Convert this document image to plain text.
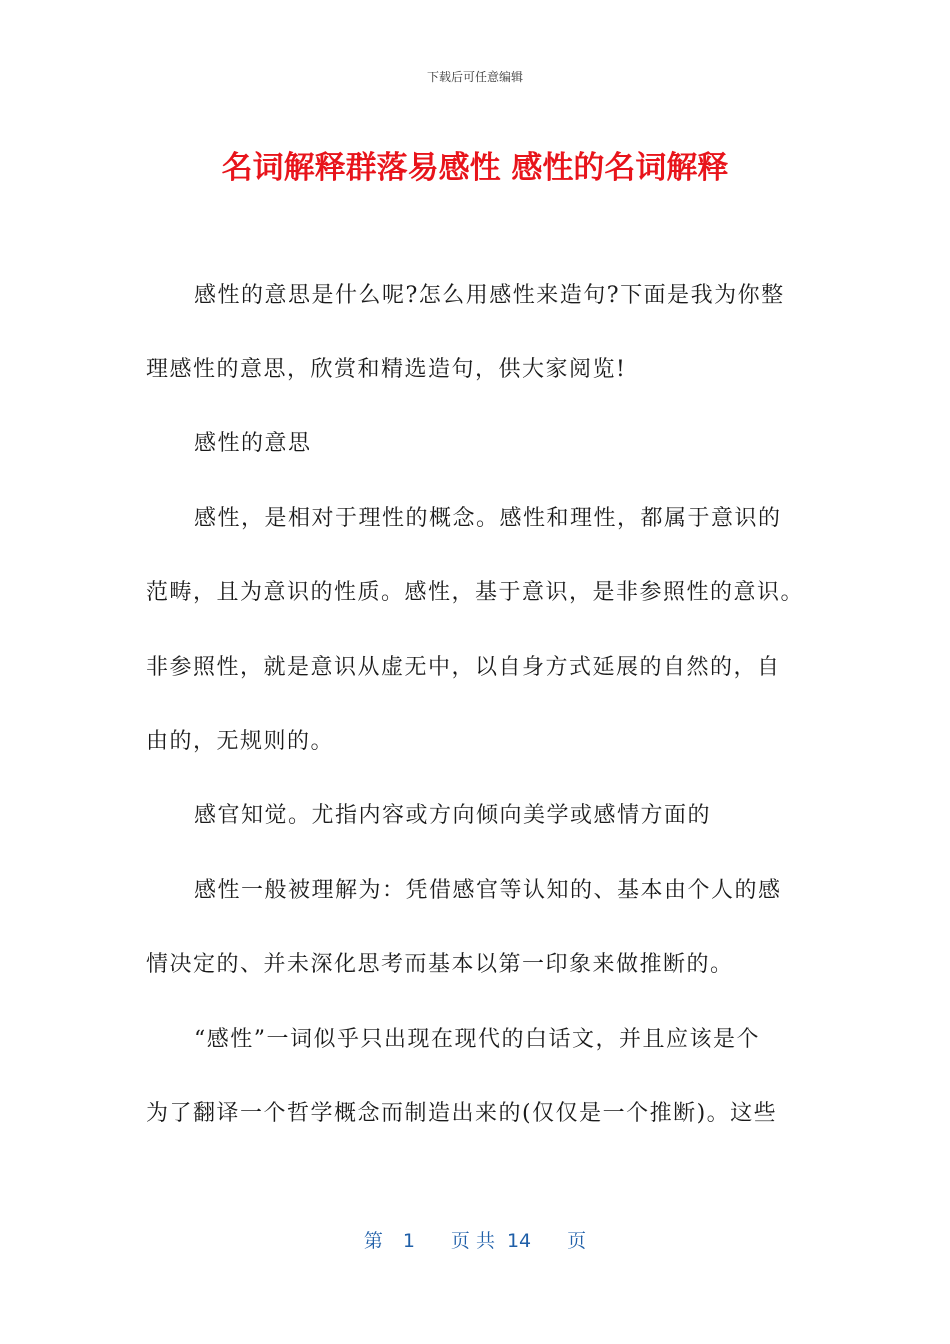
下载后可任意编辑
名词解释群落易感性 感性的名词解释
感性的意思是什么呢?怎么用感性来造句?下面是我为你整
理感性的意思，欣赏和精选造句，供大家阅览!
感性的意思
感性，是相对于理性的概念。感性和理性，都属于意识的
范畴，且为意识的性质。感性，基于意识，是非参照性的意识。
非参照性，就是意识从虚无中，以自身方式延展的自然的，自
由的，无规则的。
感官知觉。尤指内容或方向倾向美学或感情方面的
感性一般被理解为：凭借感官等认知的、基本由个人的感
情决定的、并未深化思考而基本以第一印象来做推断的。
“感性”一词似乎只出现在现代的白话文，并且应该是个
为了翻译一个哲学概念而制造出来的(仅仅是一个推断)。这些
第 1 页 共 14 页
